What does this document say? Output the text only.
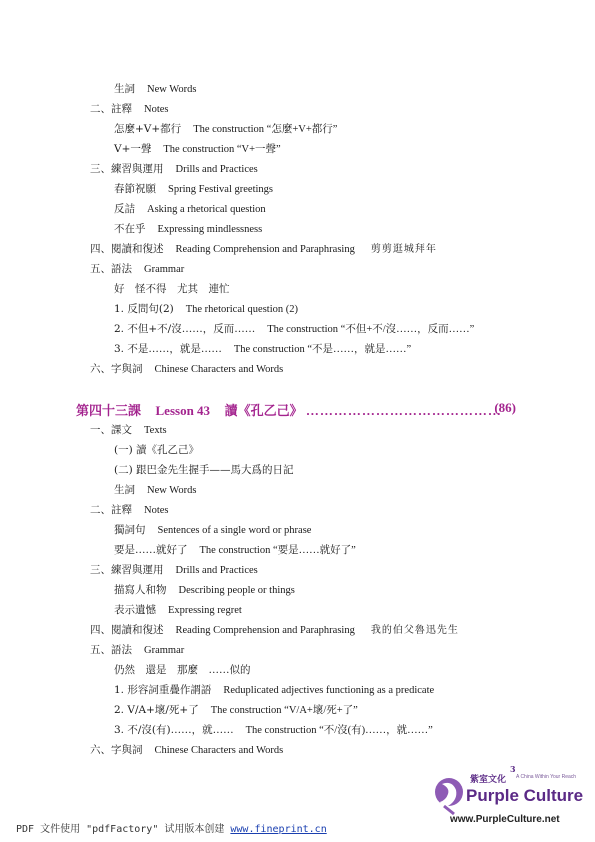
生詞 New Words
二、註釋 Notes
怎麼+V+都行 The construction “怎麼+V+都行”
V+一聲 The construction “V+一聲”
三、練習與運用 Drills and Practices
春節祝願 Spring Festival greetings
反詰 Asking a rhetorical question
不在乎 Expressing mindlessness
四、閱讀和復述 Reading Comprehension and Paraphrasing 剪剪逛城拜年
五、語法 Grammar
好　怪不得　尤其　連忙
1. 反問句(2) The rhetorical question (2)
2. 不但+不/沒……，反而…… The construction “不但+不/沒……，反而……”
3. 不是……，就是…… The construction “不是……，就是……”
六、字與詞 Chinese Characters and Words
第四十三課 Lesson 43 讀《孔乙己》 ……………………………………
(86)
一、課文 Texts
(一) 讀《孔乙己》
(二) 跟巴金先生握手——馬大爲的日記
生詞 New Words
二、註釋 Notes
獨詞句 Sentences of a single word or phrase
要是……就好了 The construction “要是……就好了”
三、練習與運用 Drills and Practices
描寫人和物 Describing people or things
表示遺憾 Expressing regret
四、閱讀和復述 Reading Comprehension and Paraphrasing 我的伯父魯迅先生
五、語法 Grammar
仍然　還是　那麼　……似的
1. 形容詞重疊作謂語 Reduplicated adjectives functioning as a predicate
2. V/A+壞/死+了 The construction “V/A+壞/死+了”
3. 不/沒(有)……，就…… The construction “不/沒(有)……，就……”
六、字與詞 Chinese Characters and Words
紫室文化
3
A China Within Your Reach
Purple Culture
www.PurpleCulture.net
PDF 文件使用 "pdfFactory" 试用版本创建 www.fineprint.cn
